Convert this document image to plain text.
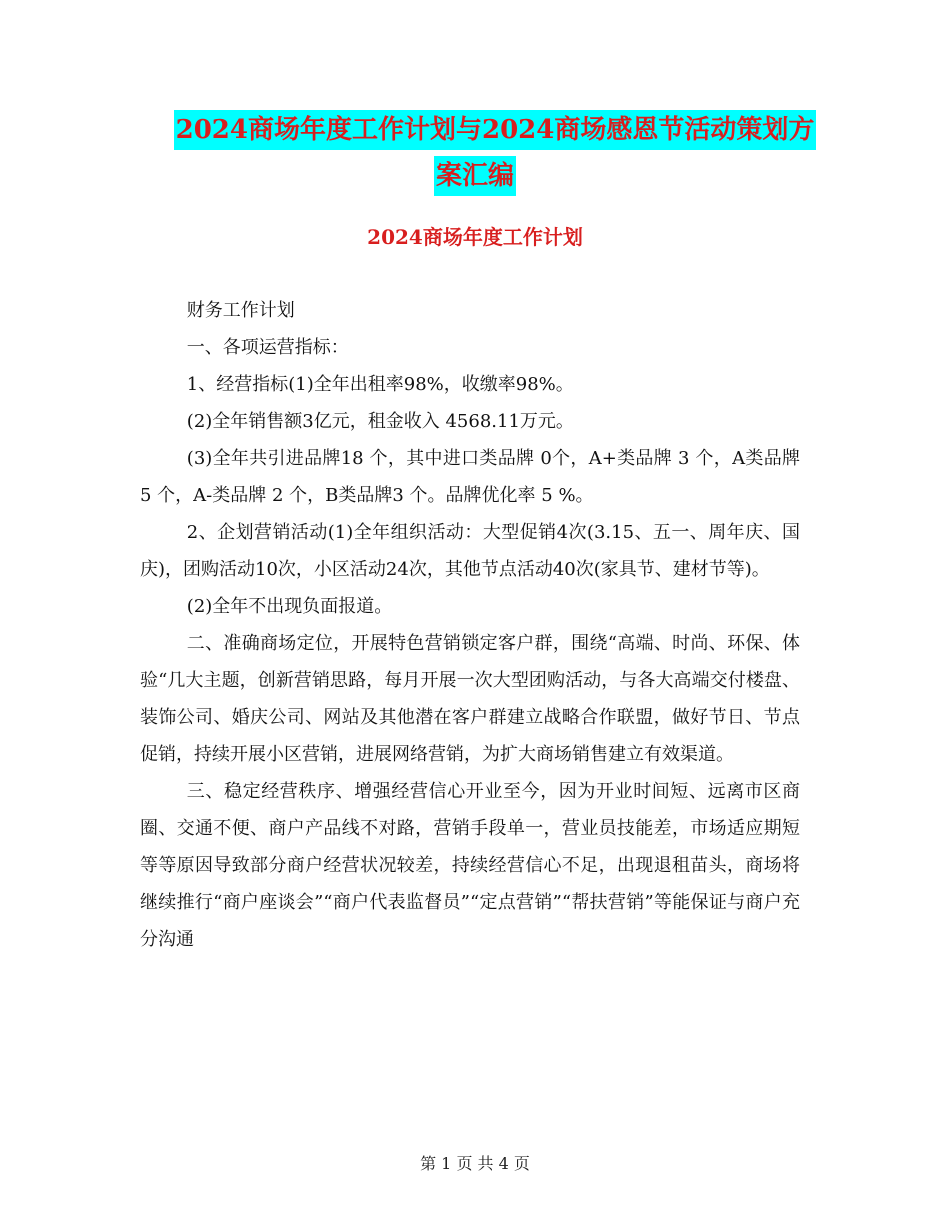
2024商场年度工作计划与2024商场感恩节活动策划方
案汇编
2024商场年度工作计划

财务工作计划

一、各项运营指标：

1、经营指标(1)全年出租率98%，收缴率98%。

(2)全年销售额3亿元，租金收入 4568.11万元。

(3)全年共引进品牌18 个，其中进口类品牌 0个，A+类品牌 3 个，A类品牌 5 个，A-类品牌 2 个，B类品牌3 个。品牌优化率 5 %。

2、企划营销活动(1)全年组织活动：大型促销4次(3.15、五一、周年庆、国庆)，团购活动10次，小区活动24次，其他节点活动40次(家具节、建材节等)。

(2)全年不出现负面报道。

二、准确商场定位，开展特色营销锁定客户群，围绕“高端、时尚、环保、体验“几大主题，创新营销思路，每月开展一次大型团购活动，与各大高端交付楼盘、装饰公司、婚庆公司、网站及其他潜在客户群建立战略合作联盟，做好节日、节点促销，持续开展小区营销，进展网络营销，为扩大商场销售建立有效渠道。

三、稳定经营秩序、增强经营信心开业至今，因为开业时间短、远离市区商圈、交通不便、商户产品线不对路，营销手段单一，营业员技能差，市场适应期短等等原因导致部分商户经营状况较差，持续经营信心不足，出现退租苗头，商场将继续推行“商户座谈会”“商户代表监督员”“定点营销”“帮扶营销”等能保证与商户充分沟通

第 1 页 共 4 页
